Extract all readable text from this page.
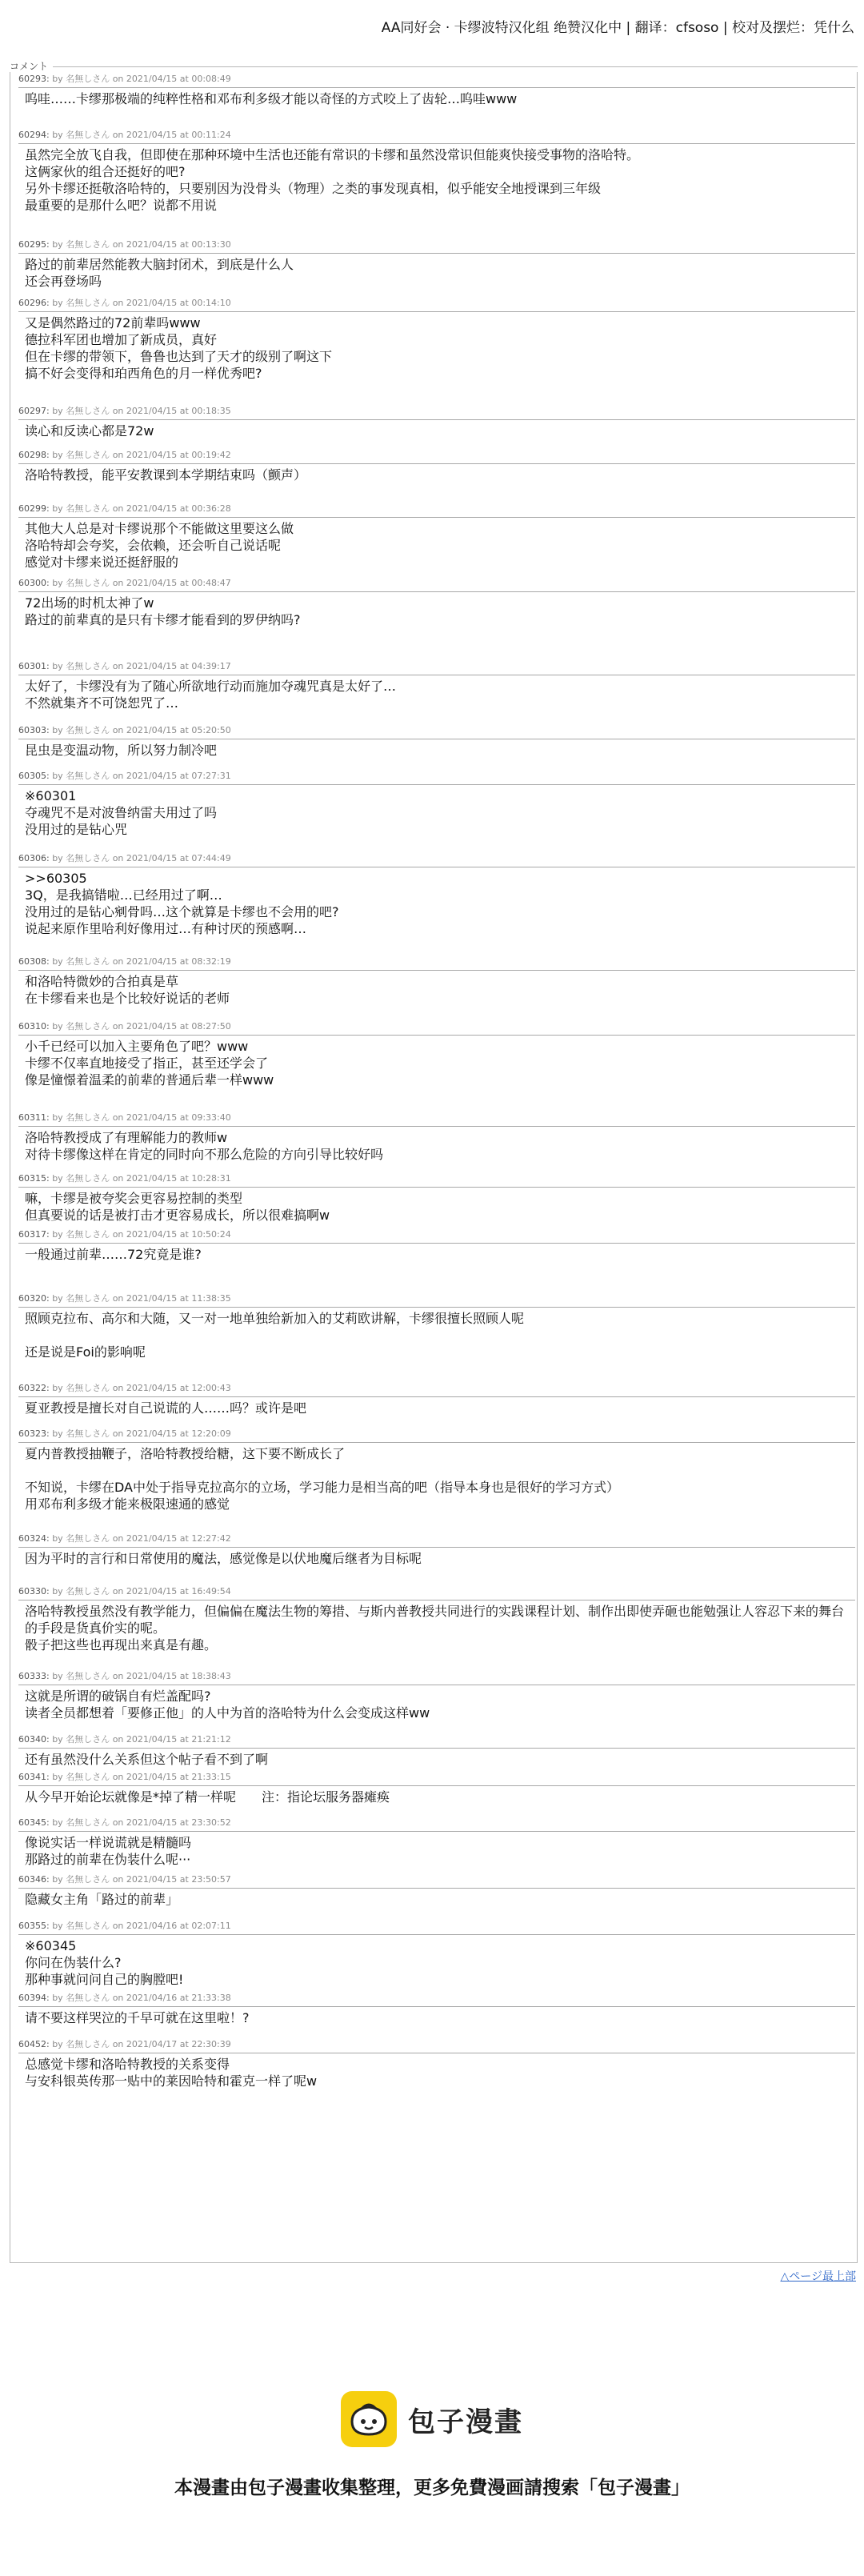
AA同好会 · 卡缪波特汉化组 绝赞汉化中 | 翻译：cfsoso | 校对及摆烂：凭什么
コメント
60293: by 名無しさん on 2021/04/15 at 00:08:49
呜哇……卡缪那极端的纯粹性格和邓布利多级才能以奇怪的方式咬上了齿轮…呜哇www
60294: by 名無しさん on 2021/04/15 at 00:11:24
虽然完全放飞自我，但即使在那种环境中生活也还能有常识的卡缪和虽然没常识但能爽快接受事物的洛哈特。
这俩家伙的组合还挺好的吧?
另外卡缪还挺敬洛哈特的，只要别因为没骨头（物理）之类的事发现真相，似乎能安全地授课到三年级
最重要的是那什么吧？说都不用说
60295: by 名無しさん on 2021/04/15 at 00:13:30
路过的前辈居然能教大脑封闭术，到底是什么人
还会再登场吗
60296: by 名無しさん on 2021/04/15 at 00:14:10
又是偶然路过的72前辈吗www
德拉科军团也增加了新成员，真好
但在卡缪的带领下，鲁鲁也达到了天才的级别了啊这下
搞不好会变得和珀西角色的月一样优秀吧?
60297: by 名無しさん on 2021/04/15 at 00:18:35
读心和反读心都是72w
60298: by 名無しさん on 2021/04/15 at 00:19:42
洛哈特教授，能平安教课到本学期结束吗（颤声）
60299: by 名無しさん on 2021/04/15 at 00:36:28
其他大人总是对卡缪说那个不能做这里要这么做
洛哈特却会夸奖，会依赖，还会听自己说话呢
感觉对卡缪来说还挺舒服的
60300: by 名無しさん on 2021/04/15 at 00:48:47
72出场的时机太神了w
路过的前辈真的是只有卡缪才能看到的罗伊纳吗?
60301: by 名無しさん on 2021/04/15 at 04:39:17
太好了，卡缪没有为了随心所欲地行动而施加夺魂咒真是太好了…
不然就集齐不可饶恕咒了…
60303: by 名無しさん on 2021/04/15 at 05:20:50
昆虫是变温动物，所以努力制冷吧
60305: by 名無しさん on 2021/04/15 at 07:27:31
※60301
夺魂咒不是对波鲁纳雷夫用过了吗
没用过的是钻心咒
60306: by 名無しさん on 2021/04/15 at 07:44:49
>>60305
3Q，是我搞错啦…已经用过了啊…
没用过的是钻心剜骨吗…这个就算是卡缪也不会用的吧?
说起来原作里哈利好像用过…有种讨厌的预感啊…
60308: by 名無しさん on 2021/04/15 at 08:32:19
和洛哈特微妙的合拍真是草
在卡缪看来也是个比较好说话的老师
60310: by 名無しさん on 2021/04/15 at 08:27:50
小千已经可以加入主要角色了吧？www
卡缪不仅率直地接受了指正，甚至还学会了
像是憧憬着温柔的前辈的普通后辈一样www
60311: by 名無しさん on 2021/04/15 at 09:33:40
洛哈特教授成了有理解能力的教师w
对待卡缪像这样在肯定的同时向不那么危险的方向引导比较好吗
60315: by 名無しさん on 2021/04/15 at 10:28:31
嘛，卡缪是被夸奖会更容易控制的类型
但真要说的话是被打击才更容易成长，所以很难搞啊w
60317: by 名無しさん on 2021/04/15 at 10:50:24
一般通过前辈……72究竟是谁?
60320: by 名無しさん on 2021/04/15 at 11:38:35
照顾克拉布、高尔和大随，又一对一地单独给新加入的艾莉欧讲解，卡缪很擅长照顾人呢

还是说是Foi的影响呢
60322: by 名無しさん on 2021/04/15 at 12:00:43
夏亚教授是擅长对自己说谎的人……吗？或许是吧
60323: by 名無しさん on 2021/04/15 at 12:20:09
夏内普教授抽鞭子，洛哈特教授给糖，这下要不断成长了

不知说，卡缪在DA中处于指导克拉高尔的立场，学习能力是相当高的吧（指导本身也是很好的学习方式）
用邓布利多级才能来极限速通的感觉
60324: by 名無しさん on 2021/04/15 at 12:27:42
因为平时的言行和日常使用的魔法，感觉像是以伏地魔后继者为目标呢
60330: by 名無しさん on 2021/04/15 at 16:49:54
洛哈特教授虽然没有教学能力，但偏偏在魔法生物的筹措、与斯内普教授共同进行的实践课程计划、制作出即使弄砸也能勉强让人容忍下来的舞台的手段是货真价实的呢。
骰子把这些也再现出来真是有趣。
60333: by 名無しさん on 2021/04/15 at 18:38:43
这就是所谓的破锅自有烂盖配吗?
读者全员都想着「要修正他」的人中为首的洛哈特为什么会变成这样ww
60340: by 名無しさん on 2021/04/15 at 21:21:12
还有虽然没什么关系但这个帖子看不到了啊
60341: by 名無しさん on 2021/04/15 at 21:33:15
从今早开始论坛就像是*掉了精一样呢　　注：指论坛服务器瘫痪
60345: by 名無しさん on 2021/04/15 at 23:30:52
像说实话一样说谎就是精髓吗
那路过的前辈在伪装什么呢···
60346: by 名無しさん on 2021/04/15 at 23:50:57
隐藏女主角「路过的前辈」
60355: by 名無しさん on 2021/04/16 at 02:07:11
※60345
你问在伪装什么?
那种事就问问自己的胸膛吧!
60394: by 名無しさん on 2021/04/16 at 21:33:38
请不要这样哭泣的千早可就在这里啦！?
60452: by 名無しさん on 2021/04/17 at 22:30:39
总感觉卡缪和洛哈特教授的关系变得
与安科银英传那一贴中的莱因哈特和霍克一样了呢w
△ページ最上部
包子漫畫
本漫畫由包子漫畫收集整理，更多免費漫画請搜索「包子漫畫」
